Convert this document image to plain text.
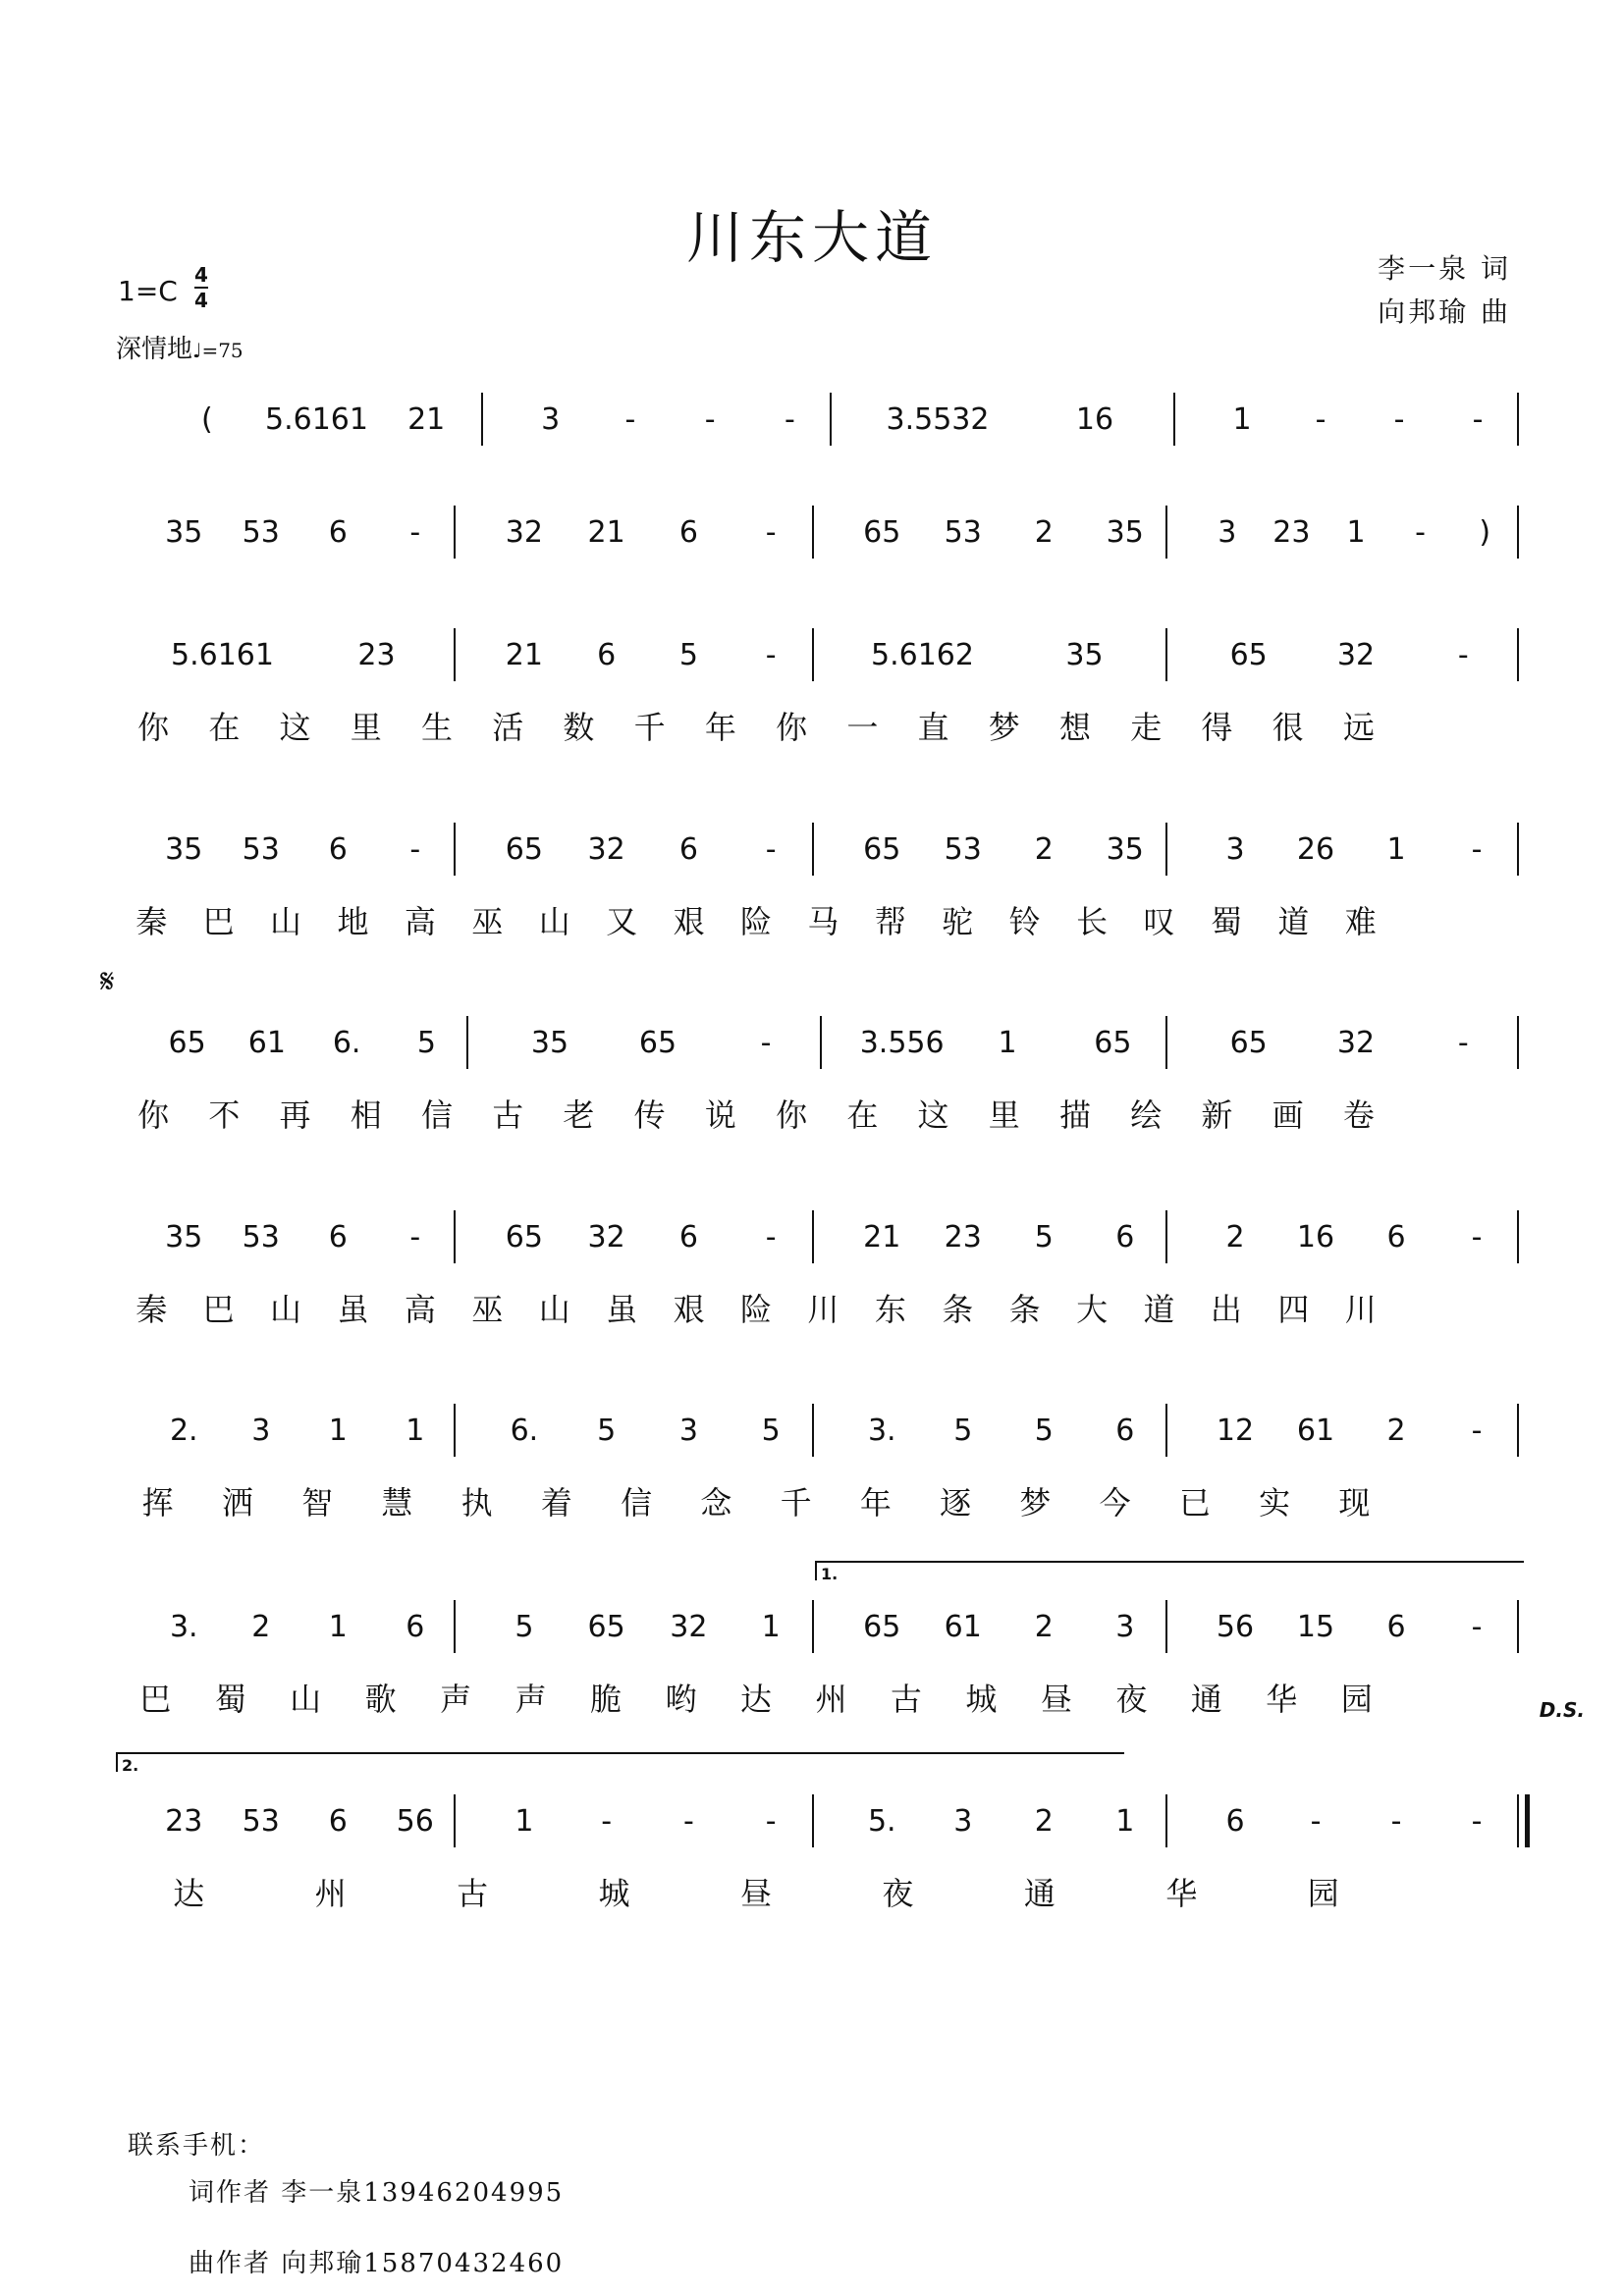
川东大道	李一泉 词
向邦瑜 曲
1=C 4
4
深情地♩=75
𝄋
( 5.6161 21	3 - - -	3.5532	16	1 - - -
35 53 6 -	32 21 6 -	65 53 2 35	3 23 1 - )
5.6161	23	21 6 5 -	5.6162	35	65 32	-
你 在 这 里 生 活 数 千 年 你 一 直 梦 想 走 得 很 远
35 53 6 -	65 32 6 -	65 53 2 35	3 26 1 -
秦 巴 山 地 高 巫 山 又 艰 险 马 帮 驼 铃 长 叹 蜀 道 难
65 61 6. 5	35 65	-	3.556 1	65	65 32	-
你 不 再 相 信 古 老 传 说 你 在 这 里 描 绘 新 画 卷
35 53 6 -	65 32 6 -	21 23 5 6	2 16 6 -
秦 巴 山 虽 高 巫 山 虽 艰 险 川 东 条 条 大 道 出 四 川
2. 3 1 1	6. 5 3 5	3. 5 5 6	12 61 2 -
挥 洒 智 慧 执 着 信 念 千 年 逐 梦 今 已 实 现
3. 2 1 6	5 65 32 1	65 61 2 3	56 15 6 -
巴 蜀 山 歌 声 声 脆 哟 达 州 古 城 昼 夜 通 华 园
23 53 6 56	1 - - -	5. 3 2 1	6 - - -
达	州	古	城	昼	夜	通	华	园
1.
2.
D.S.
联系手机：
词作者 李一泉13946204995
曲作者 向邦瑜15870432460
